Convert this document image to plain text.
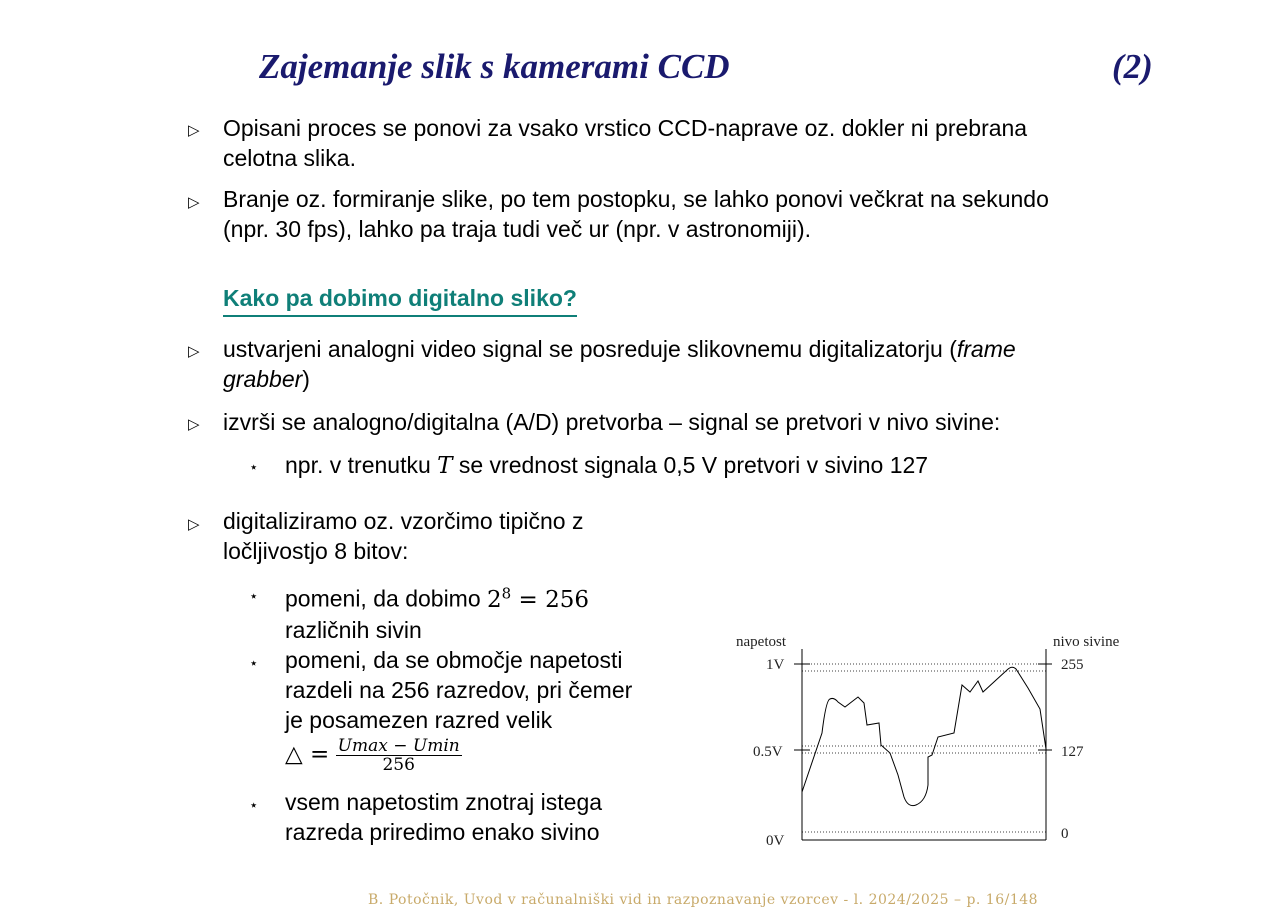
Zajemanje slik s kamerami CCD	(2)
▷ Opisani proces se ponovi za vsako vrstico CCD-naprave oz. dokler ni prebrana
celotna slika.
▷ Branje oz. formiranje slike, po tem postopku, se lahko ponovi večkrat na sekundo
(npr. 30 fps), lahko pa traja tudi več ur (npr. v astronomiji).
Kako pa dobimo digitalno sliko?
▷ ustvarjeni analogni video signal se posreduje slikovnemu digitalizatorju (frame
grabber)
▷ izvrši se analogno/digitalna (A/D) pretvorba – signal se pretvori v nivo sivine:
⋆ npr. v trenutku T se vrednost signala 0,5 V pretvori v sivino 127
▷ digitaliziramo oz. vzorčimo tipično z
ločljivostjo 8 bitov:
⋆ pomeni, da dobimo $2^8 = 256$
različnih sivin
⋆ pomeni, da se območje napetosti
razdeli na 256 razredov, pri čemer
je posamezen razred velik
△ = $\frac{Umax - Umin}{256}$
⋆ vsem napetostim znotraj istega
razreda priredimo enako sivino
napetost	nivo sivine
1V
0.5V
0V
255
127
0
B. Potočnik, Uvod v računalniški vid in razpoznavanje vzorcev - l. 2024/2025 – p. 16/148
